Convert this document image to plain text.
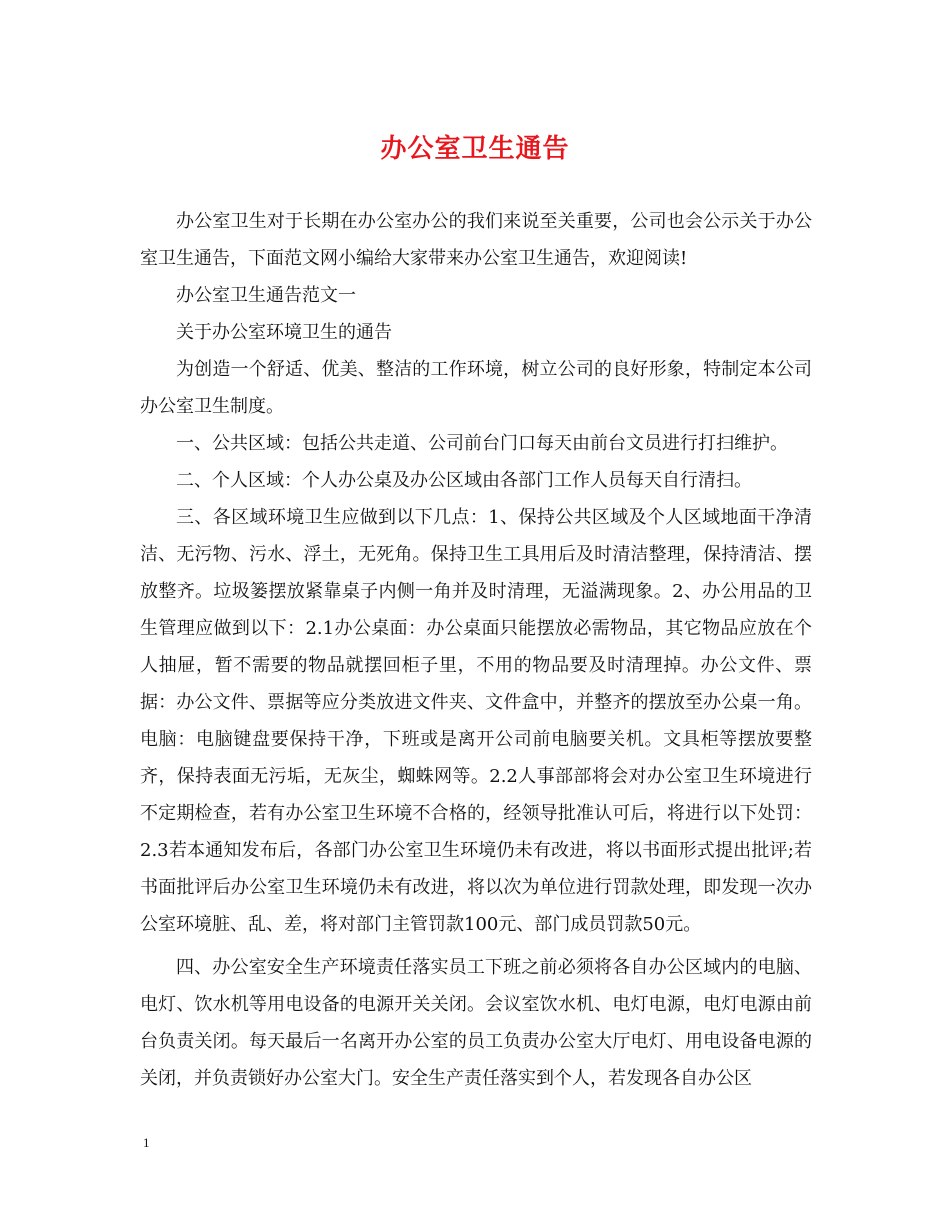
办公室卫生通告

办公室卫生对于长期在办公室办公的我们来说至关重要，公司也会公示关于办公室卫生通告，下面范文网小编给大家带来办公室卫生通告，欢迎阅读!

办公室卫生通告范文一

关于办公室环境卫生的通告

为创造一个舒适、优美、整洁的工作环境，树立公司的良好形象，特制定本公司办公室卫生制度。

一、公共区域：包括公共走道、公司前台门口每天由前台文员进行打扫维护。

二、个人区域：个人办公桌及办公区域由各部门工作人员每天自行清扫。

三、各区域环境卫生应做到以下几点：1、保持公共区域及个人区域地面干净清洁、无污物、污水、浮土，无死角。保持卫生工具用后及时清洁整理，保持清洁、摆放整齐。垃圾篓摆放紧靠桌子内侧一角并及时清理，无溢满现象。2、办公用品的卫生管理应做到以下：2.1办公桌面：办公桌面只能摆放必需物品，其它物品应放在个人抽屉，暂不需要的物品就摆回柜子里，不用的物品要及时清理掉。办公文件、票据：办公文件、票据等应分类放进文件夹、文件盒中，并整齐的摆放至办公桌一角。电脑：电脑键盘要保持干净，下班或是离开公司前电脑要关机。文具柜等摆放要整齐，保持表面无污垢，无灰尘，蜘蛛网等。2.2人事部部将会对办公室卫生环境进行不定期检查，若有办公室卫生环境不合格的，经领导批准认可后，将进行以下处罚：2.3若本通知发布后，各部门办公室卫生环境仍未有改进，将以书面形式提出批评;若书面批评后办公室卫生环境仍未有改进，将以次为单位进行罚款处理，即发现一次办公室环境脏、乱、差，将对部门主管罚款100元、部门成员罚款50元。

四、办公室安全生产环境责任落实员工下班之前必须将各自办公区域内的电脑、电灯、饮水机等用电设备的电源开关关闭。会议室饮水机、电灯电源，电灯电源由前台负责关闭。每天最后一名离开办公室的员工负责办公室大厅电灯、用电设备电源的关闭，并负责锁好办公室大门。安全生产责任落实到个人，若发现各自办公区

1
